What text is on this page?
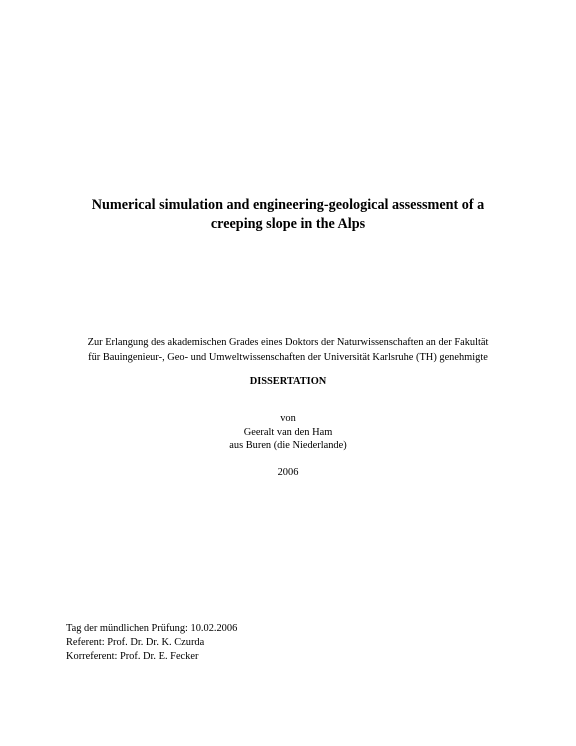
Numerical simulation and engineering-geological assessment of a
creeping slope in the Alps
Zur Erlangung des akademischen Grades eines Doktors der Naturwissenschaften an der Fakultät
für Bauingenieur-, Geo- und Umweltwissenschaften der Universität Karlsruhe (TH) genehmigte
DISSERTATION
von
Geeralt van den Ham
aus Buren (die Niederlande)
2006
Tag der mündlichen Prüfung: 10.02.2006
Referent: Prof. Dr. Dr. K. Czurda
Korreferent: Prof. Dr. E. Fecker
